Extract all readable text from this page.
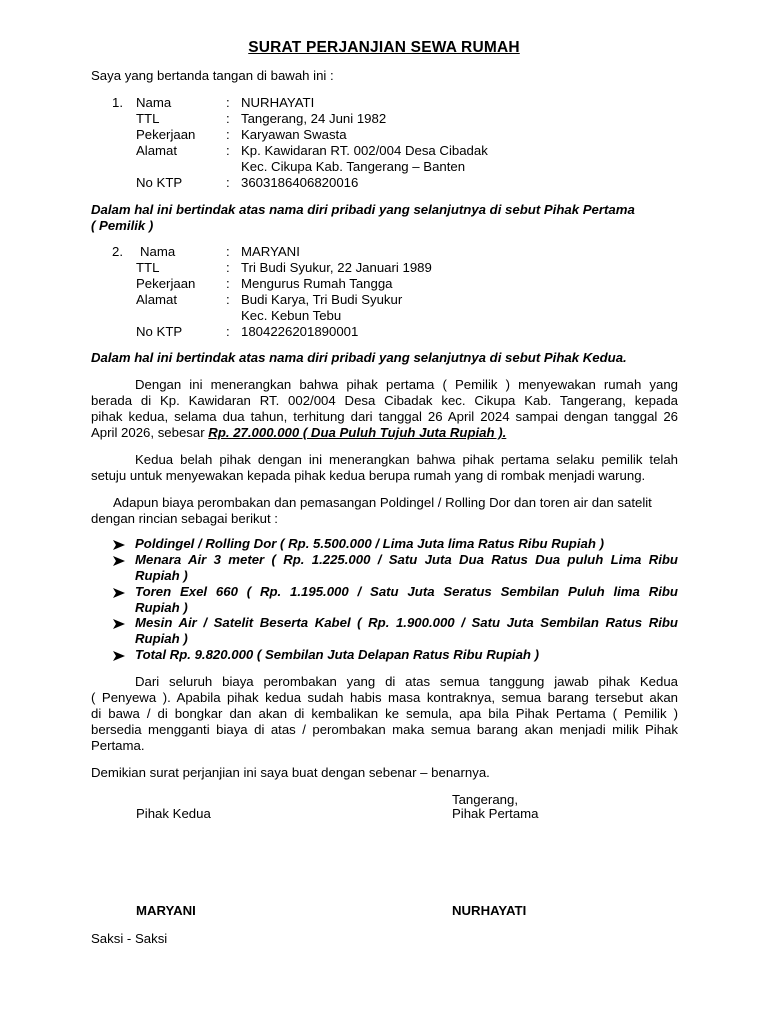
SURAT PERJANJIAN SEWA RUMAH
Saya yang bertanda tangan di bawah ini :
1. Nama
TTL
Pekerjaan
Alamat
No KTP
:
:
:
:
:
NURHAYATI
Tangerang, 24 Juni 1982
Karyawan Swasta
Kp. Kawidaran RT. 002/004 Desa Cibadak
Kec. Cikupa Kab. Tangerang – Banten
3603186406820016
Dalam hal ini bertindak atas nama diri pribadi yang selanjutnya di sebut Pihak Pertama
( Pemilik )
2. Nama
TTL
Pekerjaan
Alamat
No KTP
:
:
:
:
:
MARYANI
Tri Budi Syukur, 22 Januari 1989
Mengurus Rumah Tangga
Budi Karya, Tri Budi Syukur
Kec. Kebun Tebu
1804226201890001
Dalam hal ini bertindak atas nama diri pribadi yang selanjutnya di sebut Pihak Kedua.
Dengan ini menerangkan bahwa pihak pertama ( Pemilik ) menyewakan rumah yang
berada di Kp. Kawidaran RT. 002/004 Desa Cibadak kec. Cikupa Kab. Tangerang, kepada
pihak kedua, selama dua tahun, terhitung dari tanggal 26 April 2024 sampai dengan tanggal 26
April 2026, sebesar Rp. 27.000.000 ( Dua Puluh Tujuh Juta Rupiah ).
Kedua belah pihak dengan ini menerangkan bahwa pihak pertama selaku pemilik telah
setuju untuk menyewakan kepada pihak kedua berupa rumah yang di rombak menjadi warung.
Adapun biaya perombakan dan pemasangan Poldingel / Rolling Dor dan toren air dan satelit
dengan rincian sebagai berikut :
Poldingel / Rolling Dor ( Rp. 5.500.000 / Lima Juta lima Ratus Ribu Rupiah )
Menara Air 3 meter ( Rp. 1.225.000 / Satu Juta Dua Ratus Dua puluh Lima Ribu
Rupiah )
Toren Exel 660 ( Rp. 1.195.000 / Satu Juta Seratus Sembilan Puluh lima Ribu
Rupiah )
Mesin Air / Satelit Beserta Kabel ( Rp. 1.900.000 / Satu Juta Sembilan Ratus Ribu
Rupiah )
Total Rp. 9.820.000 ( Sembilan Juta Delapan Ratus Ribu Rupiah )
Dari seluruh biaya perombakan yang di atas semua tanggung jawab pihak Kedua
( Penyewa ). Apabila pihak kedua sudah habis masa kontraknya, semua barang tersebut akan
di bawa / di bongkar dan akan di kembalikan ke semula, apa bila Pihak Pertama ( Pemilik )
bersedia mengganti biaya di atas / perombakan maka semua barang akan menjadi milik Pihak
Pertama.
Demikian surat perjanjian ini saya buat dengan sebenar – benarnya.
Tangerang,
Pihak Kedua	Pihak Pertama
MARYANI	NURHAYATI
Saksi - Saksi
